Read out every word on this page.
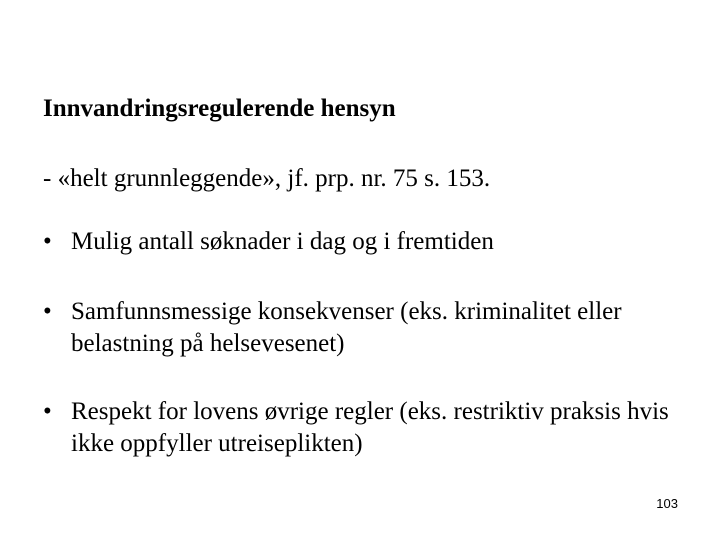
Innvandringsregulerende hensyn
- «helt grunnleggende», jf. prp. nr. 75 s. 153.
• Mulig antall søknader i dag og i fremtiden
• Samfunnsmessige konsekvenser (eks. kriminalitet eller belastning på helsevesenet)
• Respekt for lovens øvrige regler (eks. restriktiv praksis hvis ikke oppfyller utreiseplikten)
103
